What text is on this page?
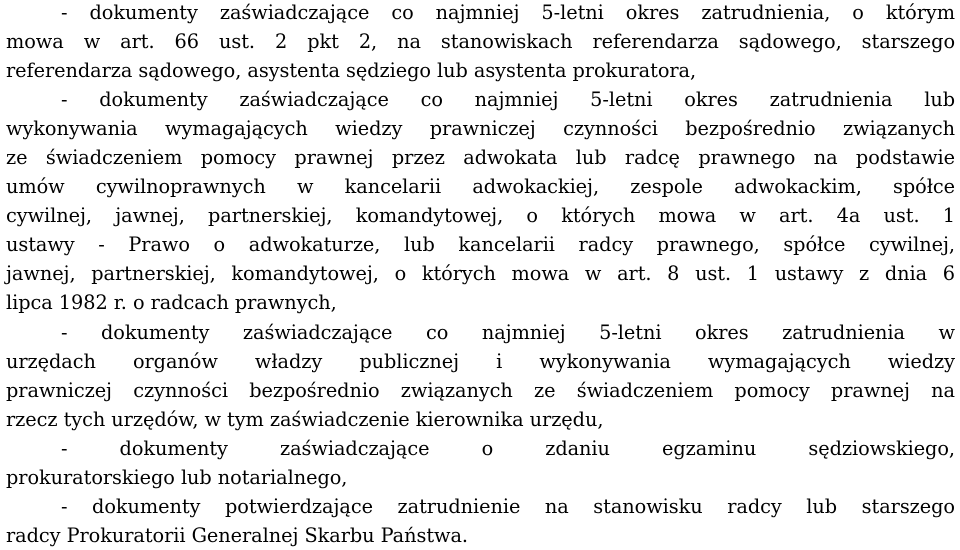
- dokumenty zaświadczające co najmniej 5-letni okres zatrudnienia, o którym
mowa w art. 66 ust. 2 pkt 2, na stanowiskach referendarza sądowego, starszego
referendarza sądowego, asystenta sędziego lub asystenta prokuratora,
- dokumenty zaświadczające co najmniej 5-letni okres zatrudnienia lub
wykonywania wymagających wiedzy prawniczej czynności bezpośrednio związanych
ze świadczeniem pomocy prawnej przez adwokata lub radcę prawnego na podstawie
umów cywilnoprawnych w kancelarii adwokackiej, zespole adwokackim, spółce
cywilnej, jawnej, partnerskiej, komandytowej, o których mowa w art. 4a ust. 1
ustawy - Prawo o adwokaturze, lub kancelarii radcy prawnego, spółce cywilnej,
jawnej, partnerskiej, komandytowej, o których mowa w art. 8 ust. 1 ustawy z dnia 6
lipca 1982 r. o radcach prawnych,
- dokumenty zaświadczające co najmniej 5-letni okres zatrudnienia w
urzędach organów władzy publicznej i wykonywania wymagających wiedzy
prawniczej czynności bezpośrednio związanych ze świadczeniem pomocy prawnej na
rzecz tych urzędów, w tym zaświadczenie kierownika urzędu,
- dokumenty zaświadczające o zdaniu egzaminu sędziowskiego,
prokuratorskiego lub notarialnego,
- dokumenty potwierdzające zatrudnienie na stanowisku radcy lub starszego
radcy Prokuratorii Generalnej Skarbu Państwa.
